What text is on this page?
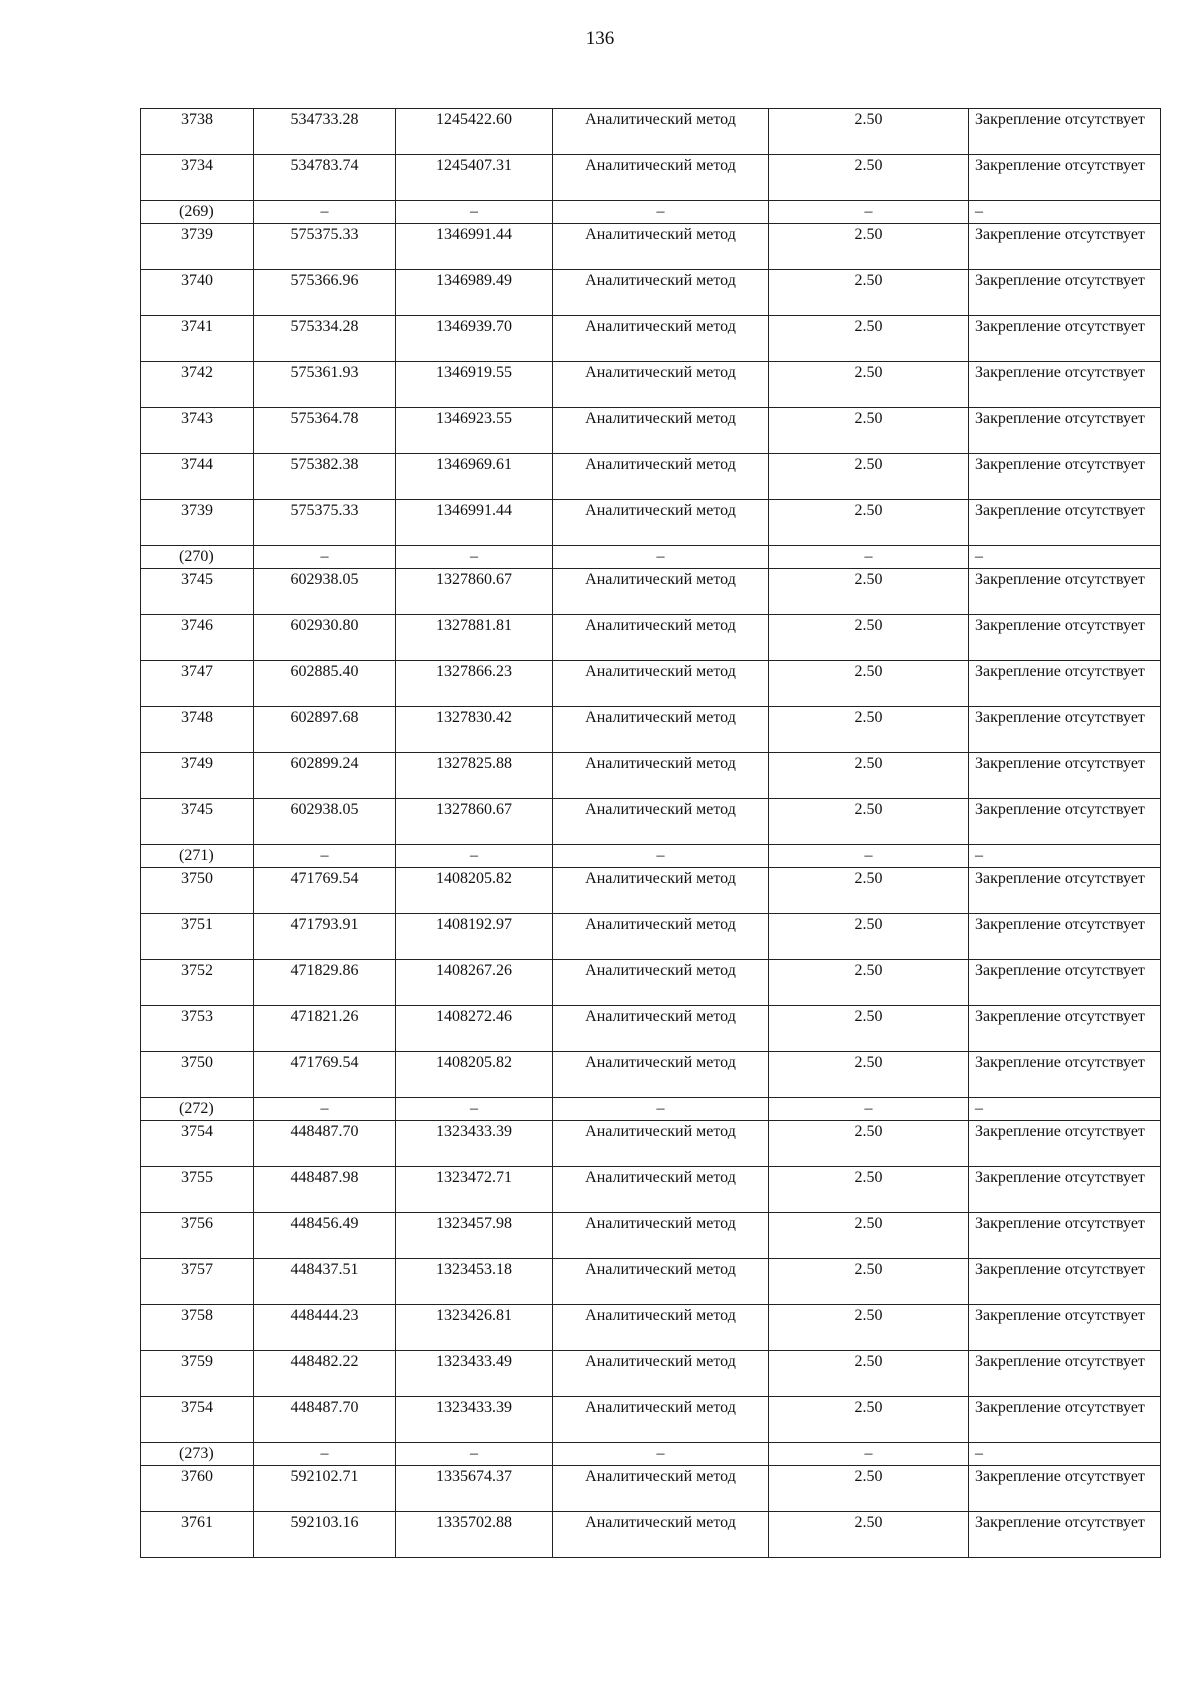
136
3738	534733.28	1245422.60	Аналитический метод	2.50	Закрепление отсутствует
3734	534783.74	1245407.31	Аналитический метод	2.50	Закрепление отсутствует
(269)	–	–	–	–	–
3739	575375.33	1346991.44	Аналитический метод	2.50	Закрепление отсутствует
3740	575366.96	1346989.49	Аналитический метод	2.50	Закрепление отсутствует
3741	575334.28	1346939.70	Аналитический метод	2.50	Закрепление отсутствует
3742	575361.93	1346919.55	Аналитический метод	2.50	Закрепление отсутствует
3743	575364.78	1346923.55	Аналитический метод	2.50	Закрепление отсутствует
3744	575382.38	1346969.61	Аналитический метод	2.50	Закрепление отсутствует
3739	575375.33	1346991.44	Аналитический метод	2.50	Закрепление отсутствует
(270)	–	–	–	–	–
3745	602938.05	1327860.67	Аналитический метод	2.50	Закрепление отсутствует
3746	602930.80	1327881.81	Аналитический метод	2.50	Закрепление отсутствует
3747	602885.40	1327866.23	Аналитический метод	2.50	Закрепление отсутствует
3748	602897.68	1327830.42	Аналитический метод	2.50	Закрепление отсутствует
3749	602899.24	1327825.88	Аналитический метод	2.50	Закрепление отсутствует
3745	602938.05	1327860.67	Аналитический метод	2.50	Закрепление отсутствует
(271)	–	–	–	–	–
3750	471769.54	1408205.82	Аналитический метод	2.50	Закрепление отсутствует
3751	471793.91	1408192.97	Аналитический метод	2.50	Закрепление отсутствует
3752	471829.86	1408267.26	Аналитический метод	2.50	Закрепление отсутствует
3753	471821.26	1408272.46	Аналитический метод	2.50	Закрепление отсутствует
3750	471769.54	1408205.82	Аналитический метод	2.50	Закрепление отсутствует
(272)	–	–	–	–	–
3754	448487.70	1323433.39	Аналитический метод	2.50	Закрепление отсутствует
3755	448487.98	1323472.71	Аналитический метод	2.50	Закрепление отсутствует
3756	448456.49	1323457.98	Аналитический метод	2.50	Закрепление отсутствует
3757	448437.51	1323453.18	Аналитический метод	2.50	Закрепление отсутствует
3758	448444.23	1323426.81	Аналитический метод	2.50	Закрепление отсутствует
3759	448482.22	1323433.49	Аналитический метод	2.50	Закрепление отсутствует
3754	448487.70	1323433.39	Аналитический метод	2.50	Закрепление отсутствует
(273)	–	–	–	–	–
3760	592102.71	1335674.37	Аналитический метод	2.50	Закрепление отсутствует
3761	592103.16	1335702.88	Аналитический метод	2.50	Закрепление отсутствует
